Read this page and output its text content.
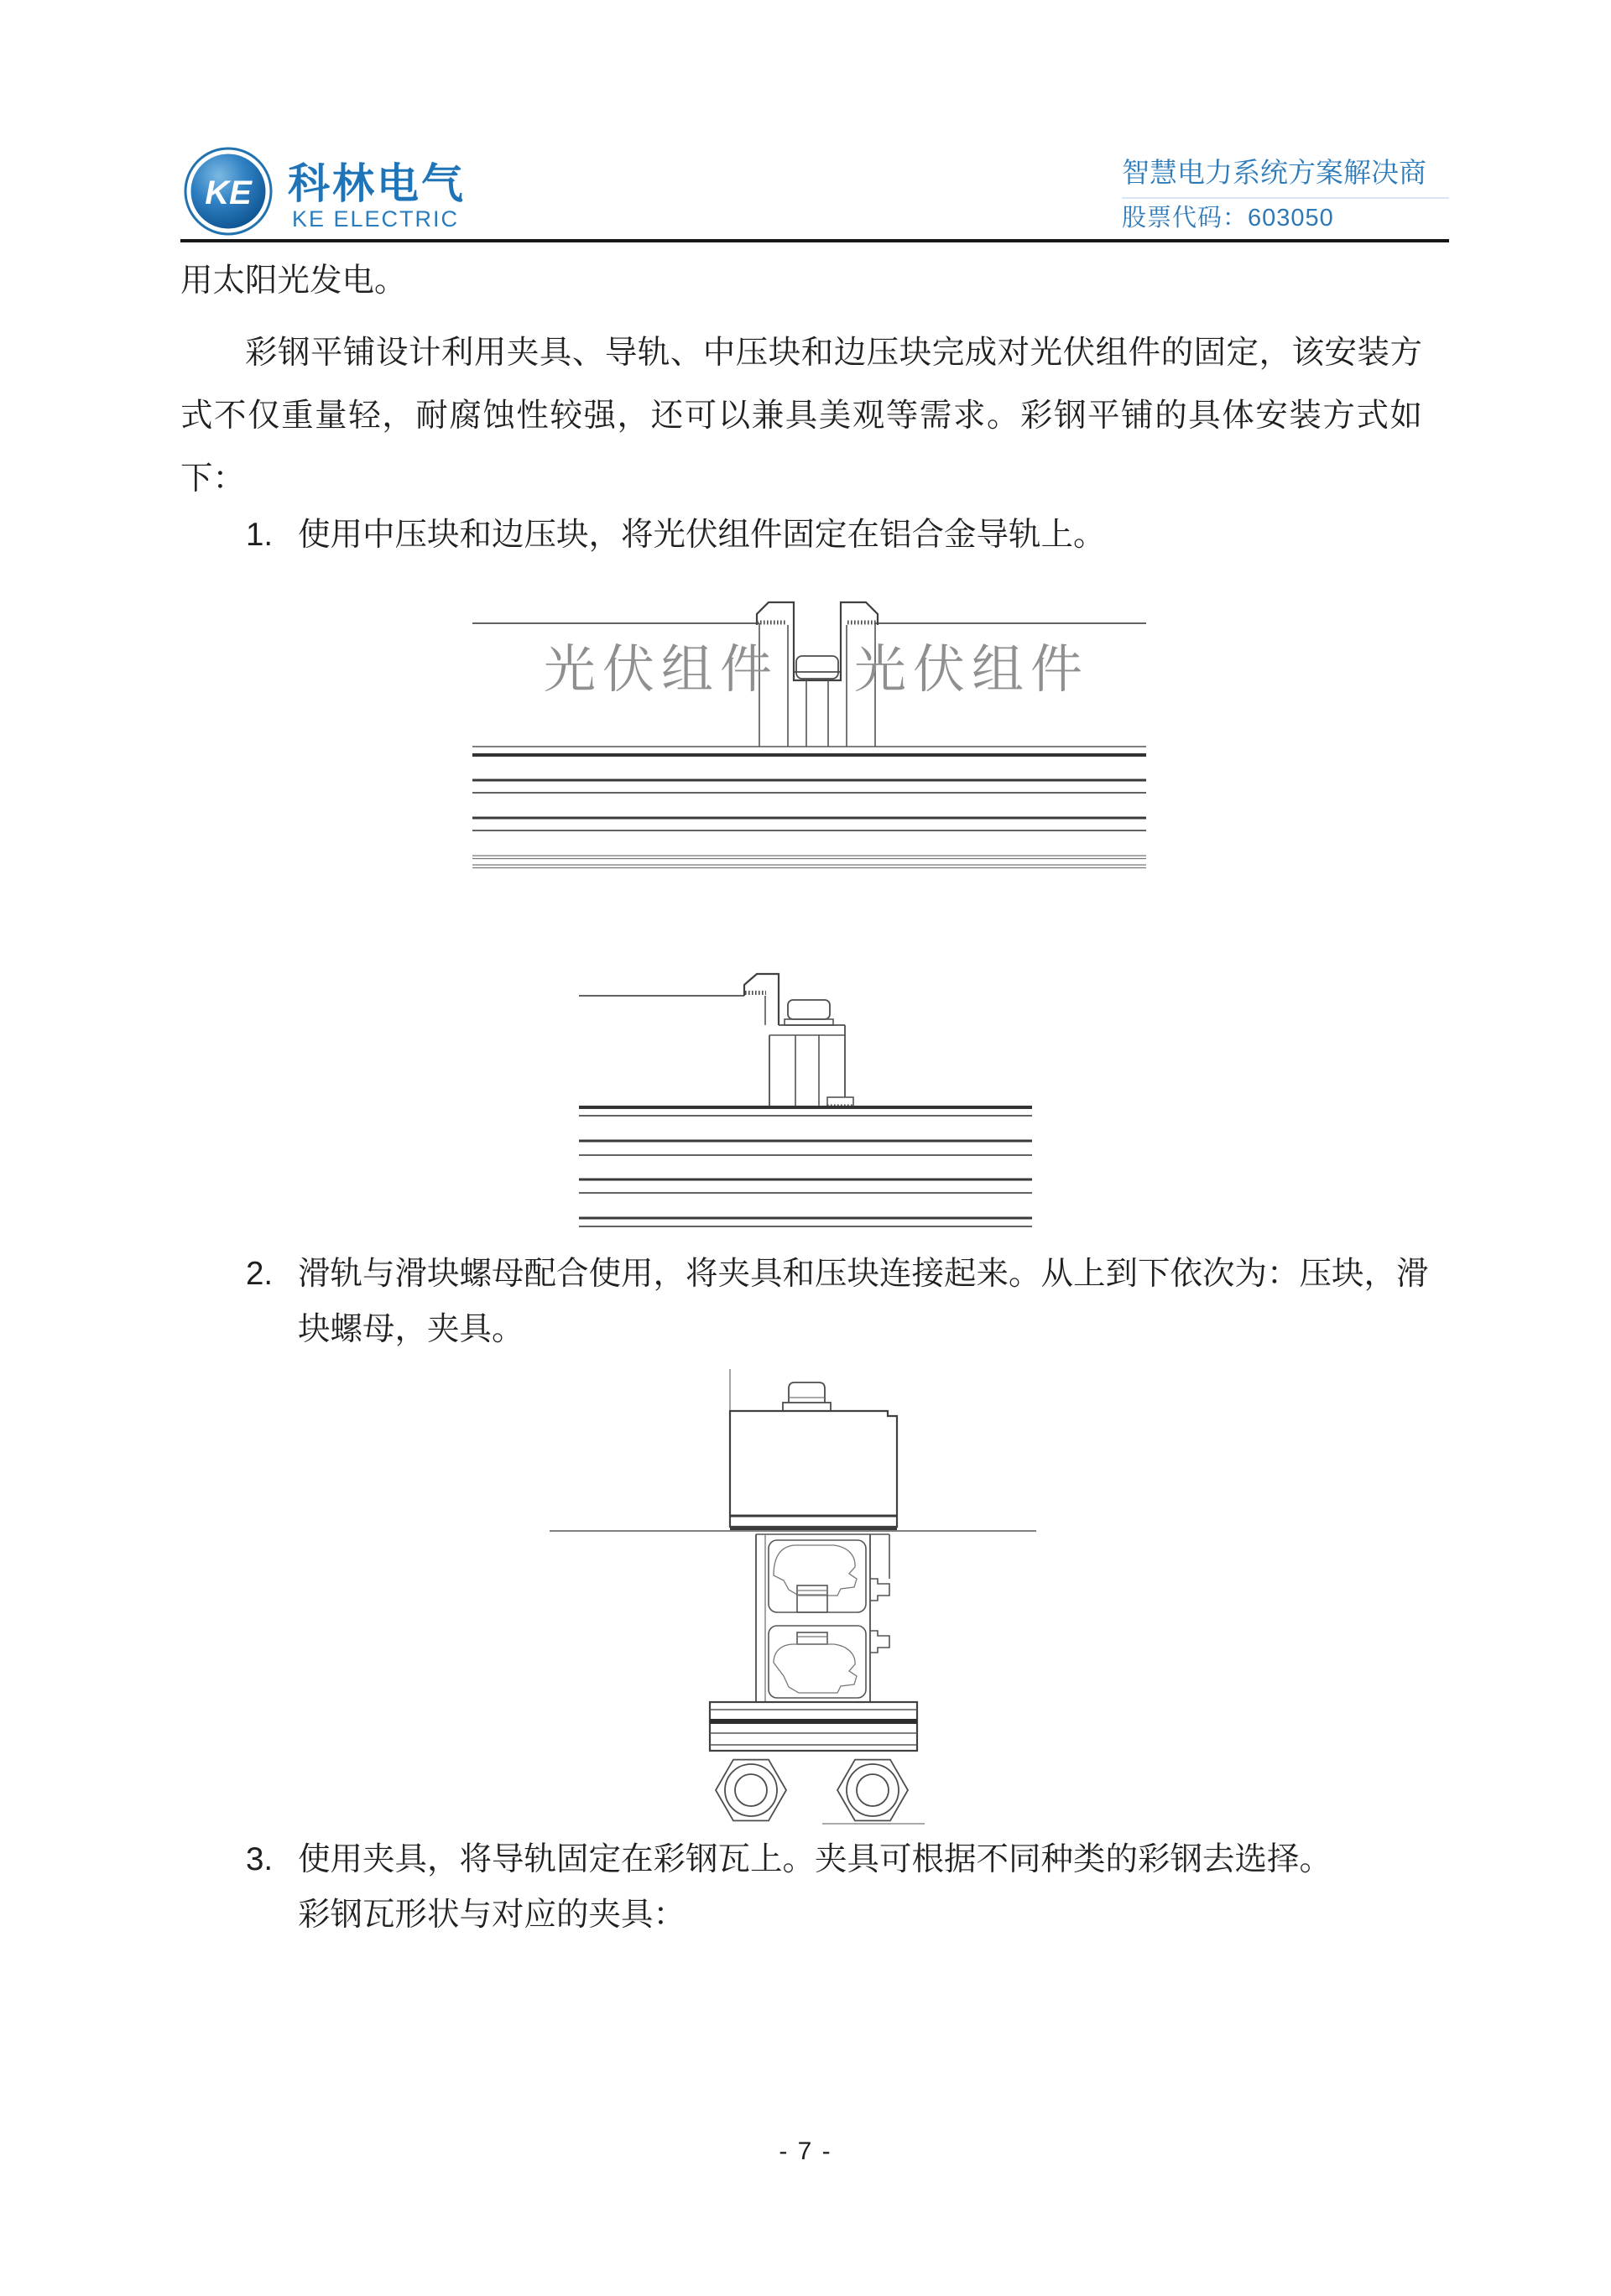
KE 科林电气
KE ELECTRIC
智慧电力系统方案解决商
股票代码：603050
用太阳光发电。
彩钢平铺设计利用夹具、导轨、中压块和边压块完成对光伏组件的固定，该安装方式不仅重量轻，耐腐蚀性较强，还可以兼具美观等需求。彩钢平铺的具体安装方式如下：
1. 使用中压块和边压块，将光伏组件固定在铝合金导轨上。
光伏组件 光伏组件
2. 滑轨与滑块螺母配合使用，将夹具和压块连接起来。从上到下依次为：压块，滑块螺母，夹具。
3. 使用夹具，将导轨固定在彩钢瓦上。夹具可根据不同种类的彩钢去选择。
彩钢瓦形状与对应的夹具：
- 7 -
